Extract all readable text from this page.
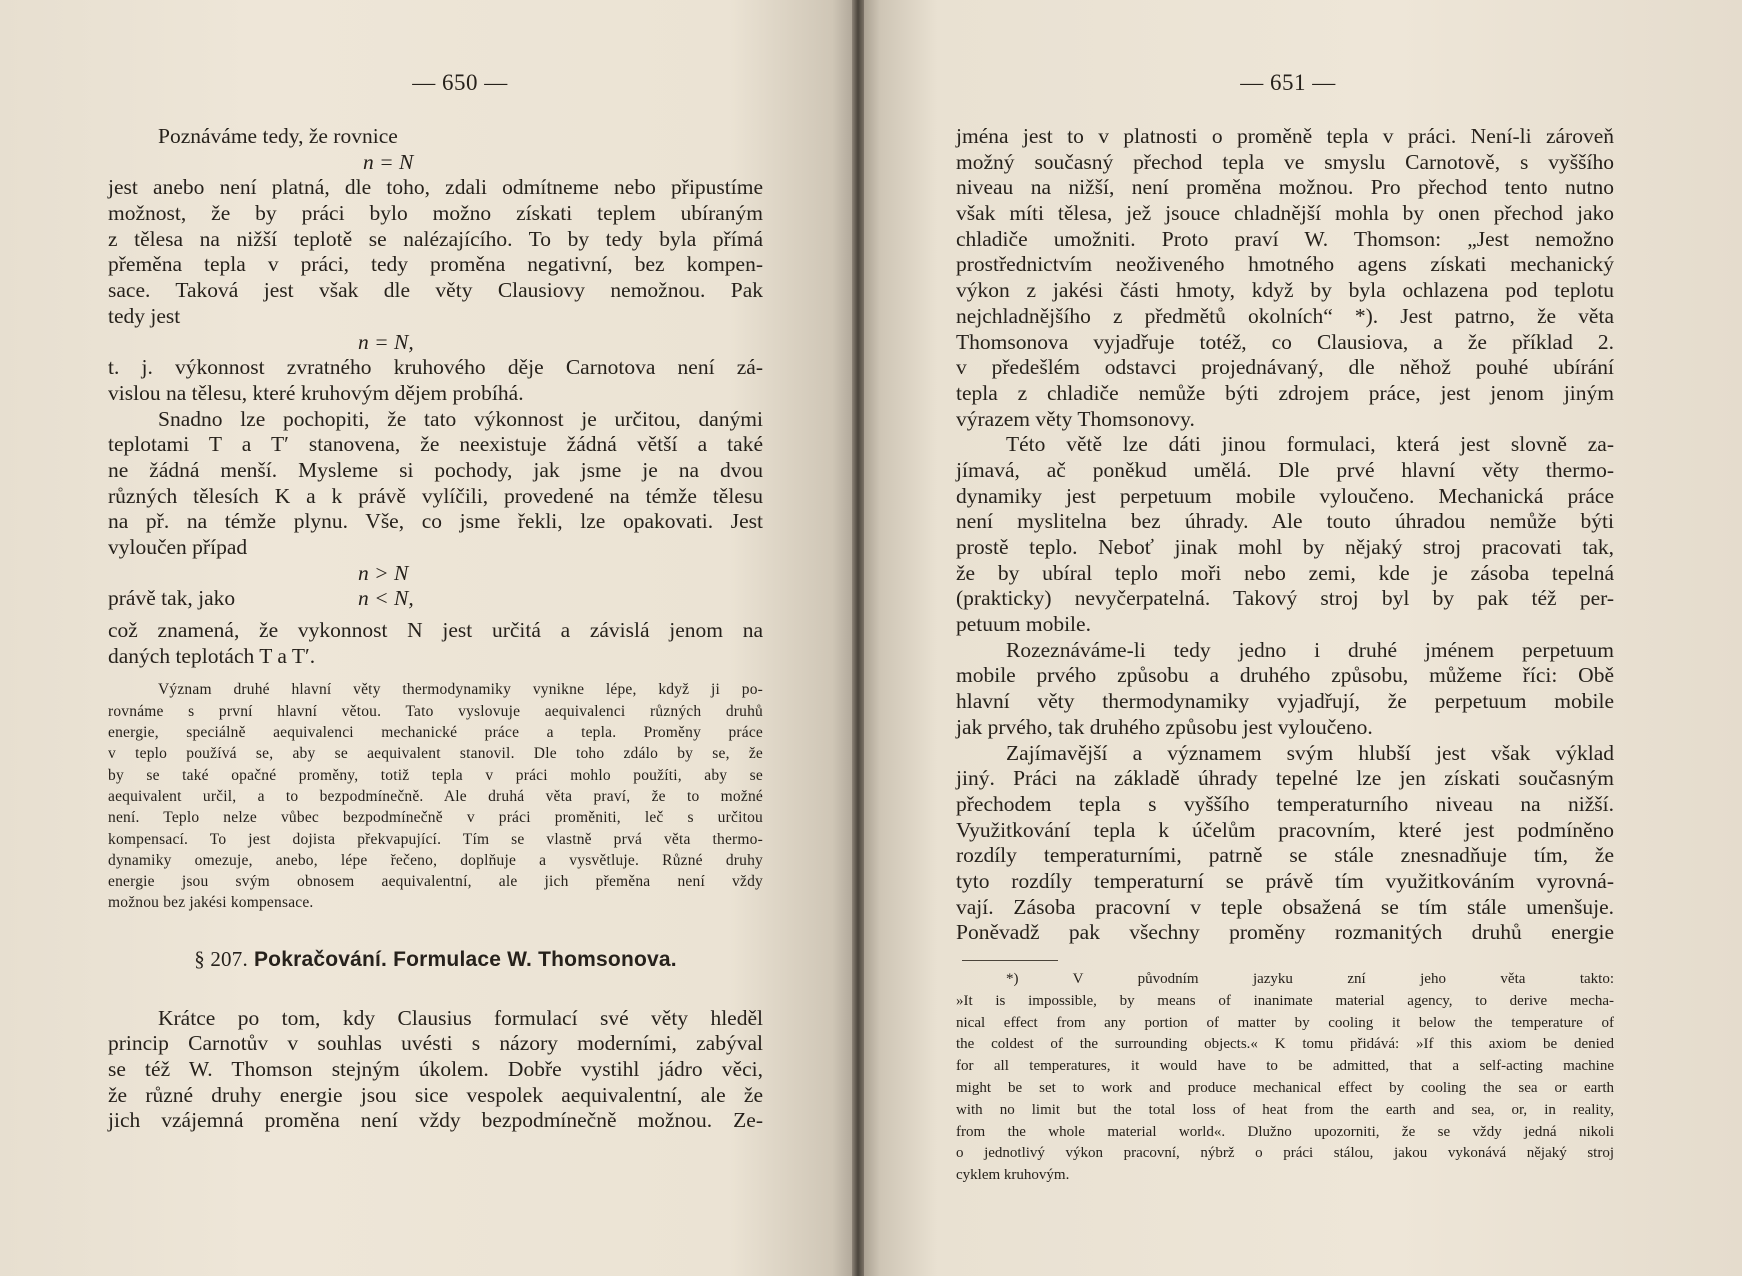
— 650 —
Poznáváme tedy, že rovnice
n = N
jest anebo není platná, dle toho, zdali odmítneme nebo připustíme
možnost, že by práci bylo možno získati teplem ubíraným
z tělesa na nižší teplotě se nalézajícího. To by tedy byla přímá
přeměna tepla v práci, tedy proměna negativní, bez kompen-
sace. Taková jest však dle věty Clausiovy nemožnou. Pak
tedy jest
n = N,
t. j. výkonnost zvratného kruhového děje Carnotova není zá-
vislou na tělesu, které kruhovým dějem probíhá.
Snadno lze pochopiti, že tato výkonnost je určitou, danými
teplotami T a T′ stanovena, že neexistuje žádná větší a také
ne žádná menší. Mysleme si pochody, jak jsme je na dvou
různých tělesích K a k právě vylíčili, provedené na témže tělesu
na př. na témže plynu. Vše, co jsme řekli, lze opakovati. Jest
vyloučen případ
n > N
právě tak, jako	n < N,
což znamená, že vykonnost N jest určitá a závislá jenom na
daných teplotách T a T′.
Význam druhé hlavní věty thermodynamiky vynikne lépe, když ji po-
rovnáme s první hlavní větou. Tato vyslovuje aequivalenci různých druhů
energie, speciálně aequivalenci mechanické práce a tepla. Proměny práce
v teplo používá se, aby se aequivalent stanovil. Dle toho zdálo by se, že
by se také opačné proměny, totiž tepla v práci mohlo použíti, aby se
aequivalent určil, a to bezpodmínečně. Ale druhá věta praví, že to možné
není. Teplo nelze vůbec bezpodmínečně v práci proměniti, leč s určitou
kompensací. To jest dojista překvapující. Tím se vlastně prvá věta thermo-
dynamiky omezuje, anebo, lépe řečeno, doplňuje a vysvětluje. Různé druhy
energie jsou svým obnosem aequivalentní, ale jich přeměna není vždy
možnou bez jakési kompensace.
§ 207. Pokračování. Formulace W. Thomsonova.
Krátce po tom, kdy Clausius formulací své věty hleděl
princip Carnotův v souhlas uvésti s názory moderními, zabýval
se též W. Thomson stejným úkolem. Dobře vystihl jádro věci,
že různé druhy energie jsou sice vespolek aequivalentní, ale že
jich vzájemná proměna není vždy bezpodmínečně možnou. Ze-
— 651 —
jména jest to v platnosti o proměně tepla v práci. Není-li zároveň
možný současný přechod tepla ve smyslu Carnotově, s vyššího
niveau na nižší, není proměna možnou. Pro přechod tento nutno
však míti tělesa, jež jsouce chladnější mohla by onen přechod jako
chladiče umožniti. Proto praví W. Thomson: „Jest nemožno
prostřednictvím neoživeného hmotného agens získati mechanický
výkon z jakési části hmoty, když by byla ochlazena pod teplotu
nejchladnějšího z předmětů okolních“ *). Jest patrno, že věta
Thomsonova vyjadřuje totéž, co Clausiova, a že příklad 2.
v předešlém odstavci projednávaný, dle něhož pouhé ubírání
tepla z chladiče nemůže býti zdrojem práce, jest jenom jiným
výrazem věty Thomsonovy.
Této větě lze dáti jinou formulaci, která jest slovně za-
jímavá, ač poněkud umělá. Dle prvé hlavní věty thermo-
dynamiky jest perpetuum mobile vyloučeno. Mechanická práce
není myslitelna bez úhrady. Ale touto úhradou nemůže býti
prostě teplo. Neboť jinak mohl by nějaký stroj pracovati tak,
že by ubíral teplo moři nebo zemi, kde je zásoba tepelná
(prakticky) nevyčerpatelná. Takový stroj byl by pak též per-
petuum mobile.
Rozeznáváme-li tedy jedno i druhé jménem perpetuum
mobile prvého způsobu a druhého způsobu, můžeme říci: Obě
hlavní věty thermodynamiky vyjadřují, že perpetuum mobile
jak prvého, tak druhého způsobu jest vyloučeno.
Zajímavější a významem svým hlubší jest však výklad
jiný. Práci na základě úhrady tepelné lze jen získati současným
přechodem tepla s vyššího temperaturního niveau na nižší.
Využitkování tepla k účelům pracovním, které jest podmíněno
rozdíly temperaturními, patrně se stále znesnadňuje tím, že
tyto rozdíly temperaturní se právě tím využitkováním vyrovná-
vají. Zásoba pracovní v teple obsažená se tím stále umenšuje.
Poněvadž pak všechny proměny rozmanitých druhů energie
*) V původním jazyku zní jeho věta takto:
»It is impossible, by means of inanimate material agency, to derive mecha-
nical effect from any portion of matter by cooling it below the temperature of
the coldest of the surrounding objects.« K tomu přidává: »If this axiom be denied
for all temperatures, it would have to be admitted, that a self-acting machine
might be set to work and produce mechanical effect by cooling the sea or earth
with no limit but the total loss of heat from the earth and sea, or, in reality,
from the whole material world«. Dlužno upozorniti, že se vždy jedná nikoli
o jednotlivý výkon pracovní, nýbrž o práci stálou, jakou vykonává nějaký stroj
cyklem kruhovým.
